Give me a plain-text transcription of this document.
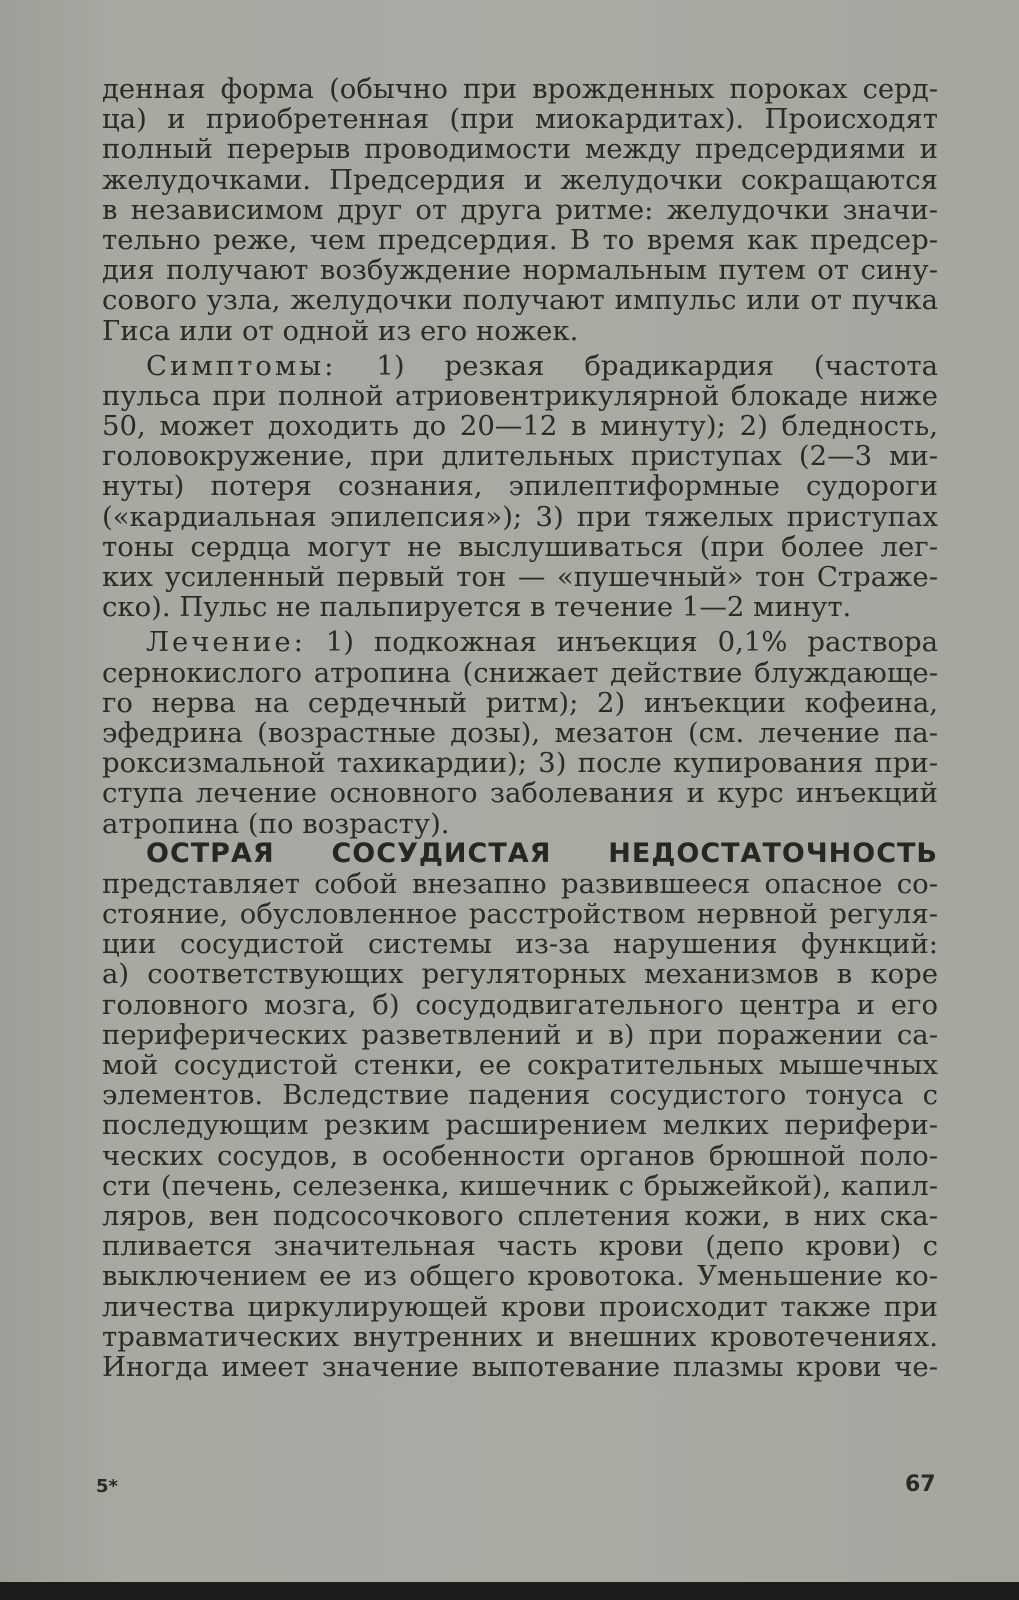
денная форма (обычно при врожденных пороках серд-
ца) и приобретенная (при миокардитах). Происходят
полный перерыв проводимости между предсердиями и
желудочками. Предсердия и желудочки сокращаются
в независимом друг от друга ритме: желудочки значи-
тельно реже, чем предсердия. В то время как предсер-
дия получают возбуждение нормальным путем от сину-
сового узла, желудочки получают импульс или от пучка
Гиса или от одной из его ножек.
Симптомы: 1) резкая брадикардия (частота
пульса при полной атриовентрикулярной блокаде ниже
50, может доходить до 20—12 в минуту); 2) бледность,
головокружение, при длительных приступах (2—3 ми-
нуты) потеря сознания, эпилептиформные судороги
(«кардиальная эпилепсия»); 3) при тяжелых приступах
тоны сердца могут не выслушиваться (при более лег-
ких усиленный первый тон — «пушечный» тон Страже-
ско). Пульс не пальпируется в течение 1—2 минут.
Лечение: 1) подкожная инъекция 0,1% раствора
сернокислого атропина (снижает действие блуждающе-
го нерва на сердечный ритм); 2) инъекции кофеина,
эфедрина (возрастные дозы), мезатон (см. лечение па-
роксизмальной тахикардии); 3) после купирования при-
ступа лечение основного заболевания и курс инъекций
атропина (по возрасту).
ОСТРАЯ СОСУДИСТАЯ НЕДОСТАТОЧНОСТЬ
представляет собой внезапно развившееся опасное со-
стояние, обусловленное расстройством нервной регуля-
ции сосудистой системы из-за нарушения функций:
а) соответствующих регуляторных механизмов в коре
головного мозга, б) сосудодвигательного центра и его
периферических разветвлений и в) при поражении са-
мой сосудистой стенки, ее сократительных мышечных
элементов. Вследствие падения сосудистого тонуса с
последующим резким расширением мелких перифери-
ческих сосудов, в особенности органов брюшной поло-
сти (печень, селезенка, кишечник с брыжейкой), капил-
ляров, вен подсосочкового сплетения кожи, в них ска-
пливается значительная часть крови (депо крови) с
выключением ее из общего кровотока. Уменьшение ко-
личества циркулирующей крови происходит также при
травматических внутренних и внешних кровотечениях.
Иногда имеет значение выпотевание плазмы крови че-
5*	67
